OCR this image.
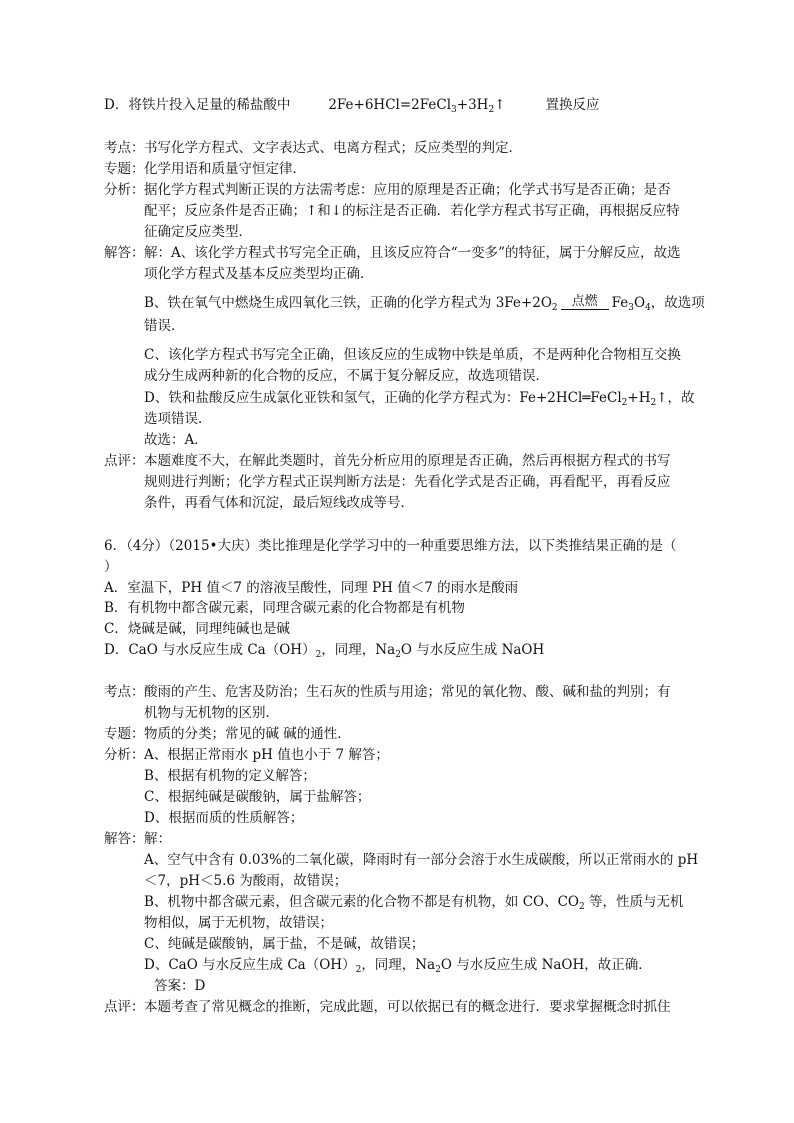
D．将铁片投入足量的稀盐酸中	$2Fe+6HCl=2FeCl_3+3H_2↑$	置换反应
考点：书写化学方程式、文字表达式、电离方程式；反应类型的判定．
专题：化学用语和质量守恒定律．
分析：据化学方程式判断正误的方法需考虑：应用的原理是否正确；化学式书写是否正确；是否
配平；反应条件是否正确；↑和↓的标注是否正确．若化学方程式书写正确，再根据反应特
征确定反应类型．
解答：解：A、该化学方程式书写完全正确，且该反应符合“一变多”的特征，属于分解反应，故选
项化学方程式及基本反应类型均正确．
B、铁在氧气中燃烧生成四氧化三铁，正确的化学方程式为 $3Fe+2O_2$	点燃	$Fe_3O_4$，故选项
错误．
C、该化学方程式书写完全正确，但该反应的生成物中铁是单质，不是两种化合物相互交换
成分生成两种新的化合物的反应，不属于复分解反应，故选项错误．
D、铁和盐酸反应生成氯化亚铁和氢气，正确的化学方程式为：$Fe+2HCl═FeCl_2+H_2↑$，故
选项错误．
故选：A．
点评：本题难度不大，在解此类题时，首先分析应用的原理是否正确，然后再根据方程式的书写
规则进行判断；化学方程式正误判断方法是：先看化学式是否正确，再看配平，再看反应
条件，再看气体和沉淀，最后短线改成等号．
6．（4分）（2015•大庆）类比推理是化学学习中的一种重要思维方法，以下类推结果正确的是（
）
A．室温下，PH 值＜7 的溶液呈酸性，同理 PH 值＜7 的雨水是酸雨
B．有机物中都含碳元素，同理含碳元素的化合物都是有机物
C．烧碱是碱，同理纯碱也是碱
D．CaO 与水反应生成 $Ca(OH)_2$，同理，$Na_2O$ 与水反应生成 NaOH
考点：酸雨的产生、危害及防治；生石灰的性质与用途；常见的氧化物、酸、碱和盐的判别；有
机物与无机物的区别．
专题：物质的分类；常见的碱 碱的通性．
分析：A、根据正常雨水 pH 值也小于 7 解答；
B、根据有机物的定义解答；
C、根据纯碱是碳酸钠，属于盐解答；
D、根据而质的性质解答；
解答：解：
A、空气中含有 0.03%的二氧化碳，降雨时有一部分会溶于水生成碳酸，所以正常雨水的 pH
＜7，pH＜5.6 为酸雨，故错误；
B、机物中都含碳元素，但含碳元素的化合物不都是有机物，如 CO、$CO_2$ 等，性质与无机
物相似，属于无机物，故错误；
C、纯碱是碳酸钠，属于盐，不是碱，故错误；
D、CaO 与水反应生成 $Ca(OH)_2$，同理，$Na_2O$ 与水反应生成 NaOH，故正确．
答案：D
点评：本题考查了常见概念的推断，完成此题，可以依据已有的概念进行．要求掌握概念时抓住
